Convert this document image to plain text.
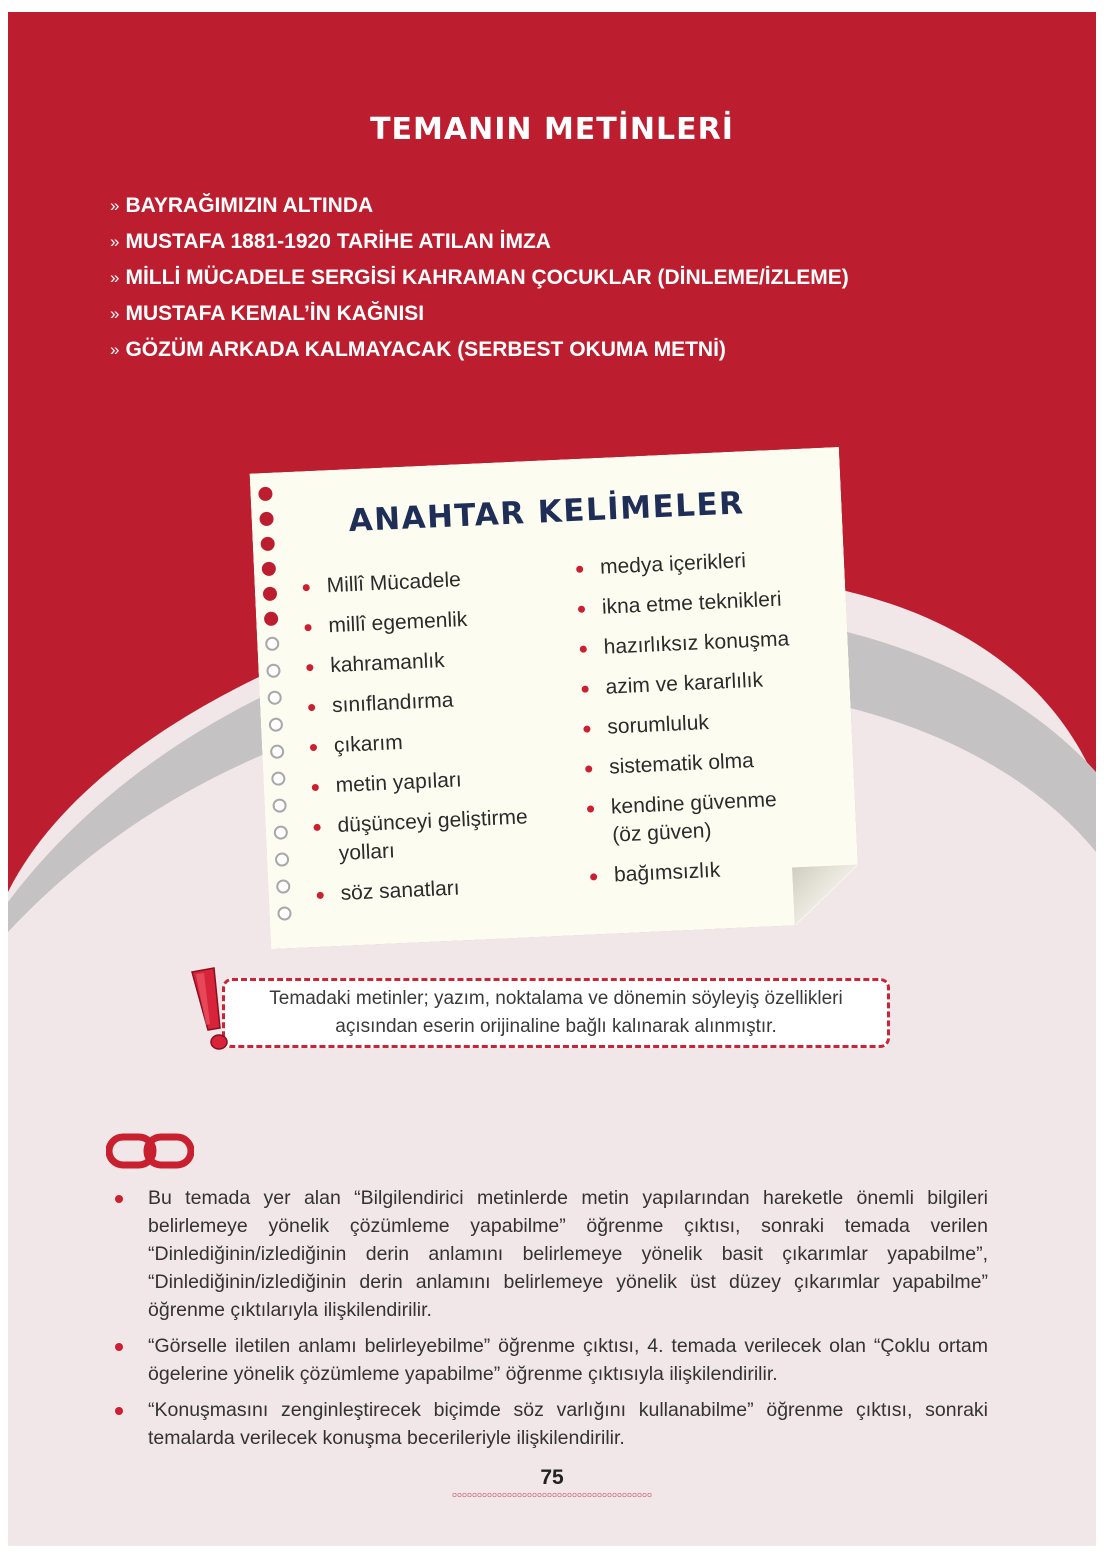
TEMANIN METİNLERİ
» BAYRAĞIMIZIN ALTINDA
» MUSTAFA 1881-1920 TARİHE ATILAN İMZA
» MİLLİ MÜCADELE SERGİSİ KAHRAMAN ÇOCUKLAR (DİNLEME/İZLEME)
» MUSTAFA KEMAL’İN KAĞNISI
» GÖZÜM ARKADA KALMAYACAK (SERBEST OKUMA METNİ)
ANAHTAR KELİMELER
Millî Mücadele
millî egemenlik
kahramanlık
sınıflandırma
çıkarım
metin yapıları
düşünceyi geliştirme yolları
söz sanatları
medya içerikleri
ikna etme teknikleri
hazırlıksız konuşma
azim ve kararlılık
sorumluluk
sistematik olma
kendine güvenme (öz güven)
bağımsızlık

Temadaki metinler; yazım, noktalama ve dönemin söyleyiş özellikleri açısından eserin orijinaline bağlı kalınarak alınmıştır.

Bu temada yer alan “Bilgilendirici metinlerde metin yapılarından hareketle önemli bilgileri belirlemeye yönelik çözümleme yapabilme” öğrenme çıktısı, sonraki temada verilen “Dinlediğinin/izlediğinin derin anlamını belirlemeye yönelik basit çıkarımlar yapabilme”, “Dinlediğinin/izlediğinin derin anlamını belirlemeye yönelik üst düzey çıkarımlar yapabilme” öğrenme çıktılarıyla ilişkilendirilir.
“Görselle iletilen anlamı belirleyebilme” öğrenme çıktısı, 4. temada verilecek olan “Çoklu ortam ögelerine yönelik çözümleme yapabilme” öğrenme çıktısıyla ilişkilendirilir.
“Konuşmasını zenginleştirecek biçimde söz varlığını kullanabilme” öğrenme çıktısı, sonraki temalarda verilecek konuşma becerileriyle ilişkilendirilir.

75
